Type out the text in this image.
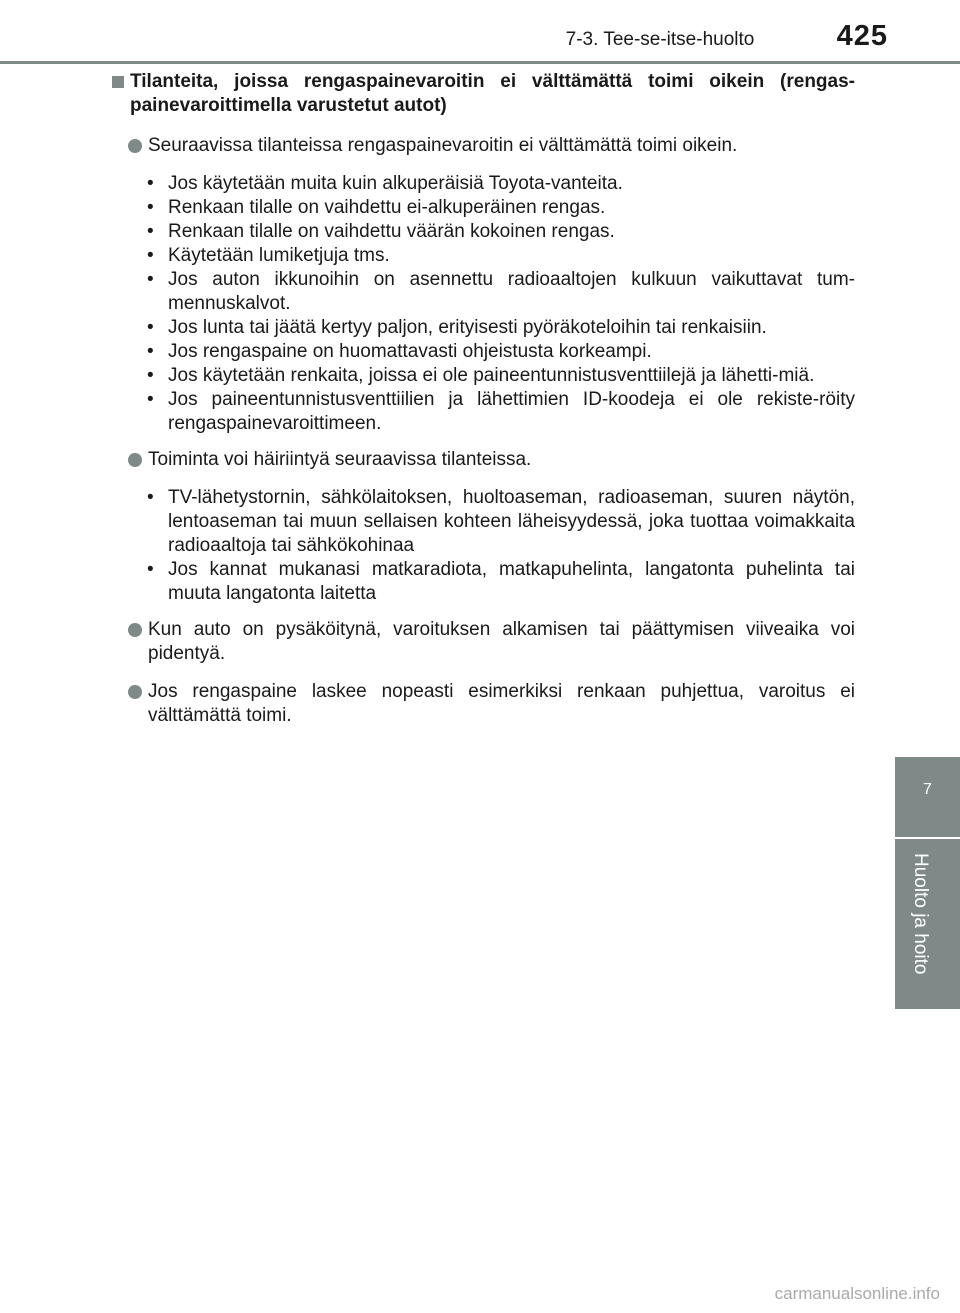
7-3. Tee-se-itse-huolto	425
7
Huolto ja hoito
Tilanteita, joissa rengaspainevaroitin ei välttämättä toimi oikein (rengas-painevaroittimella varustetut autot)
Seuraavissa tilanteissa rengaspainevaroitin ei välttämättä toimi oikein.
• Jos käytetään muita kuin alkuperäisiä Toyota-vanteita.
• Renkaan tilalle on vaihdettu ei-alkuperäinen rengas.
• Renkaan tilalle on vaihdettu väärän kokoinen rengas.
• Käytetään lumiketjuja tms.
• Jos auton ikkunoihin on asennettu radioaaltojen kulkuun vaikuttavat tum-mennuskalvot.
• Jos lunta tai jäätä kertyy paljon, erityisesti pyöräkoteloihin tai renkaisiin.
• Jos rengaspaine on huomattavasti ohjeistusta korkeampi.
• Jos käytetään renkaita, joissa ei ole paineentunnistusventtiilejä ja lähetti-miä.
• Jos paineentunnistusventtiilien ja lähettimien ID-koodeja ei ole rekiste-röity rengaspainevaroittimeen.
Toiminta voi häiriintyä seuraavissa tilanteissa.
• TV-lähetystornin, sähkölaitoksen, huoltoaseman, radioaseman, suuren näytön, lentoaseman tai muun sellaisen kohteen läheisyydessä, joka tuottaa voimakkaita radioaaltoja tai sähkökohinaa
• Jos kannat mukanasi matkaradiota, matkapuhelinta, langatonta puhelinta tai muuta langatonta laitetta
Kun auto on pysäköitynä, varoituksen alkamisen tai päättymisen viiveaika voi pidentyä.
Jos rengaspaine laskee nopeasti esimerkiksi renkaan puhjettua, varoitus ei välttämättä toimi.
carmanualsonline.info
